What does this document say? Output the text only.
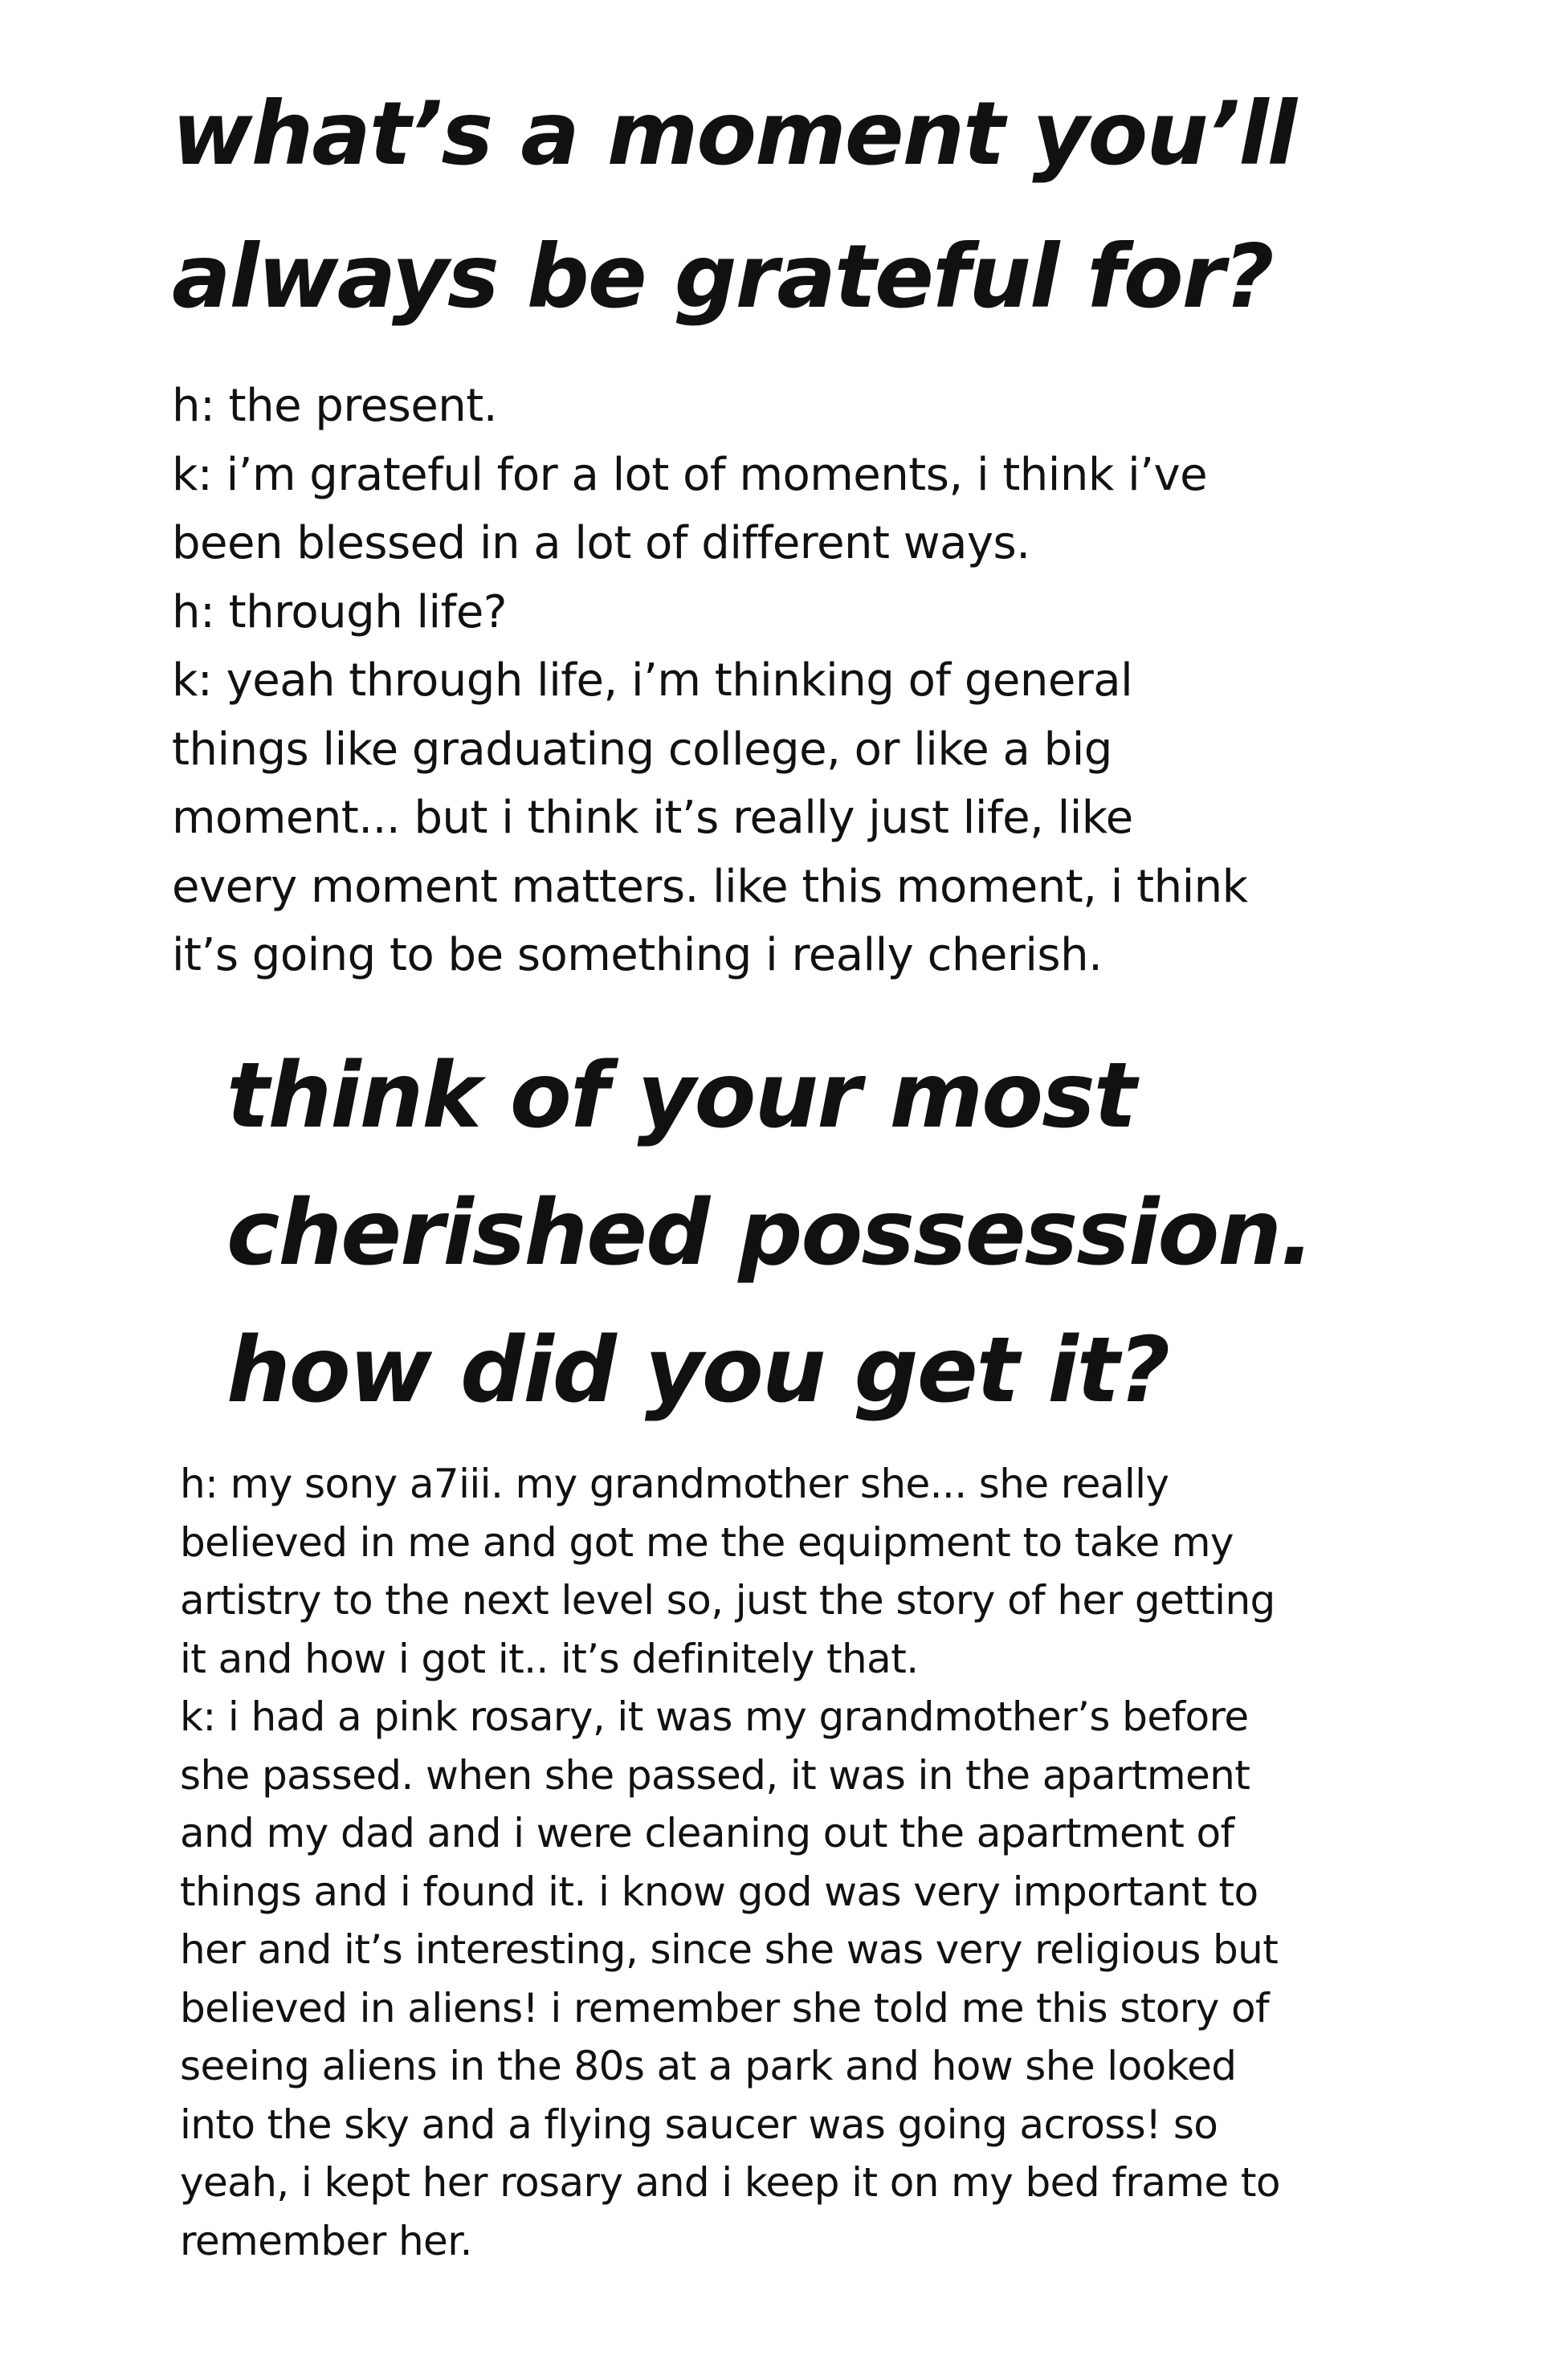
what’s a moment you’ll
always be grateful for?
h: the present.
k: i’m grateful for a lot of moments, i think i’ve
been blessed in a lot of different ways.
h: through life?
k: yeah through life, i’m thinking of general
things like graduating college, or like a big
moment... but i think it’s really just life, like
every moment matters. like this moment, i think
it’s going to be something i really cherish.
think of your most
cherished possession.
how did you get it?
h: my sony a7iii. my grandmother she... she really
believed in me and got me the equipment to take my
artistry to the next level so, just the story of her getting
it and how i got it.. it’s definitely that.
k: i had a pink rosary, it was my grandmother’s before
she passed. when she passed, it was in the apartment
and my dad and i were cleaning out the apartment of
things and i found it. i know god was very important to
her and it’s interesting, since she was very religious but
believed in aliens! i remember she told me this story of
seeing aliens in the 80s at a park and how she looked
into the sky and a flying saucer was going across! so
yeah, i kept her rosary and i keep it on my bed frame to
remember her.
